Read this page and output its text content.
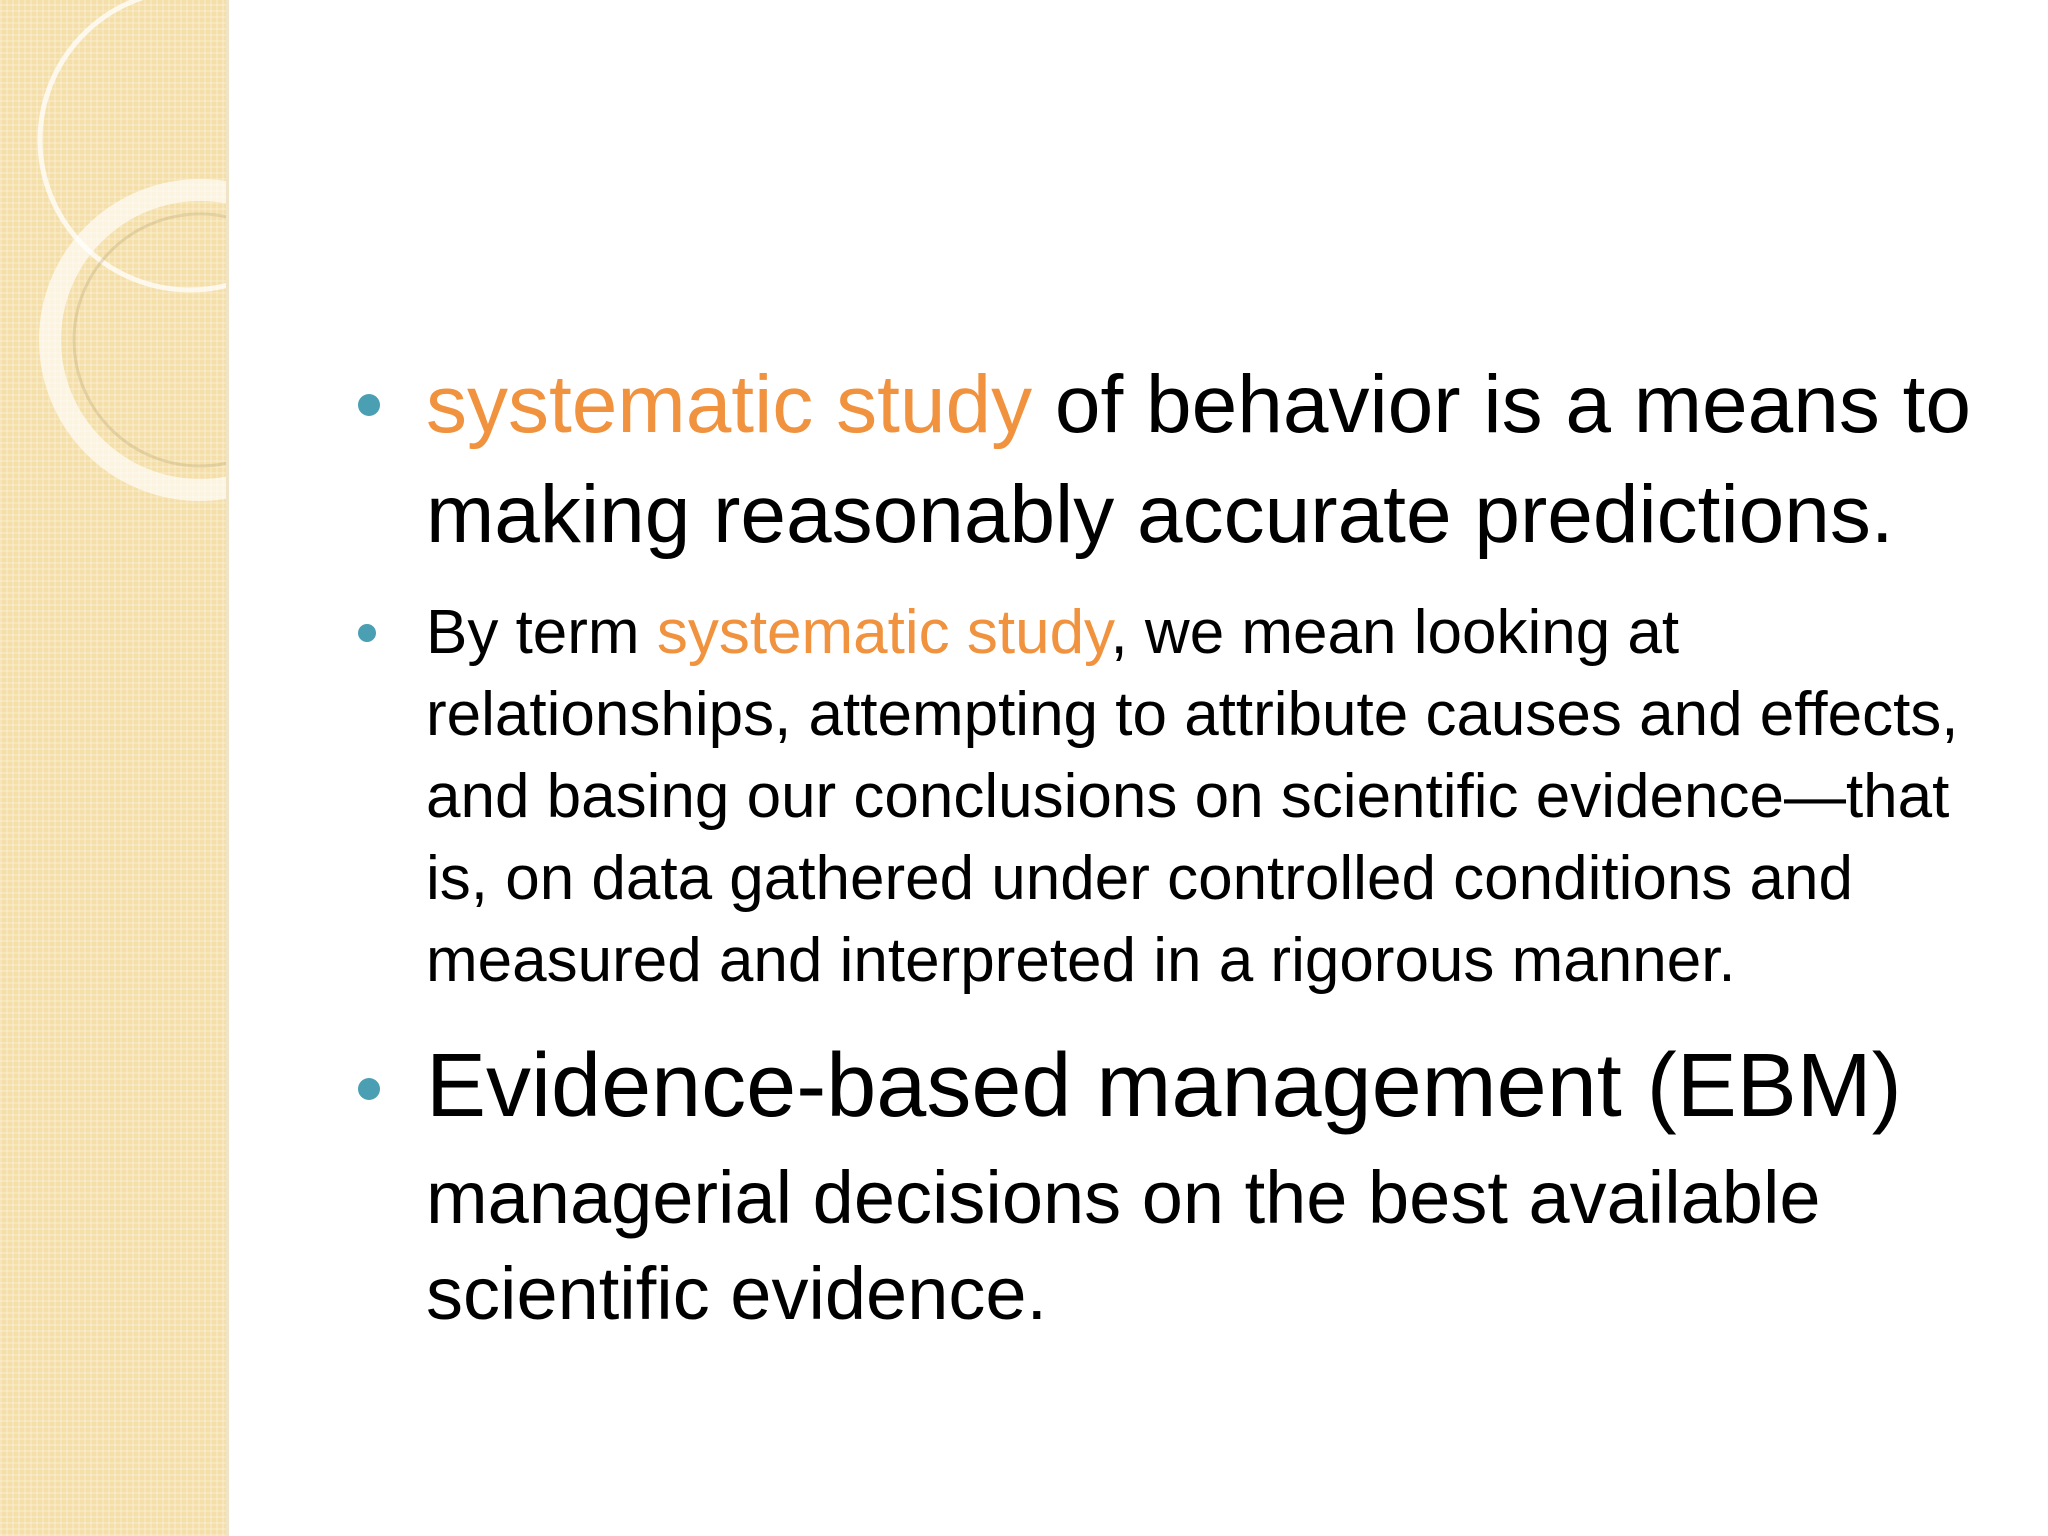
systematic study of behavior is a means to making reasonably accurate predictions.
By term systematic study, we mean looking at relationships, attempting to attribute causes and effects, and basing our conclusions on scientific evidence—that is, on data gathered under controlled conditions and measured and interpreted in a rigorous manner.
Evidence-based management (EBM)
managerial decisions on the best available scientific evidence.
